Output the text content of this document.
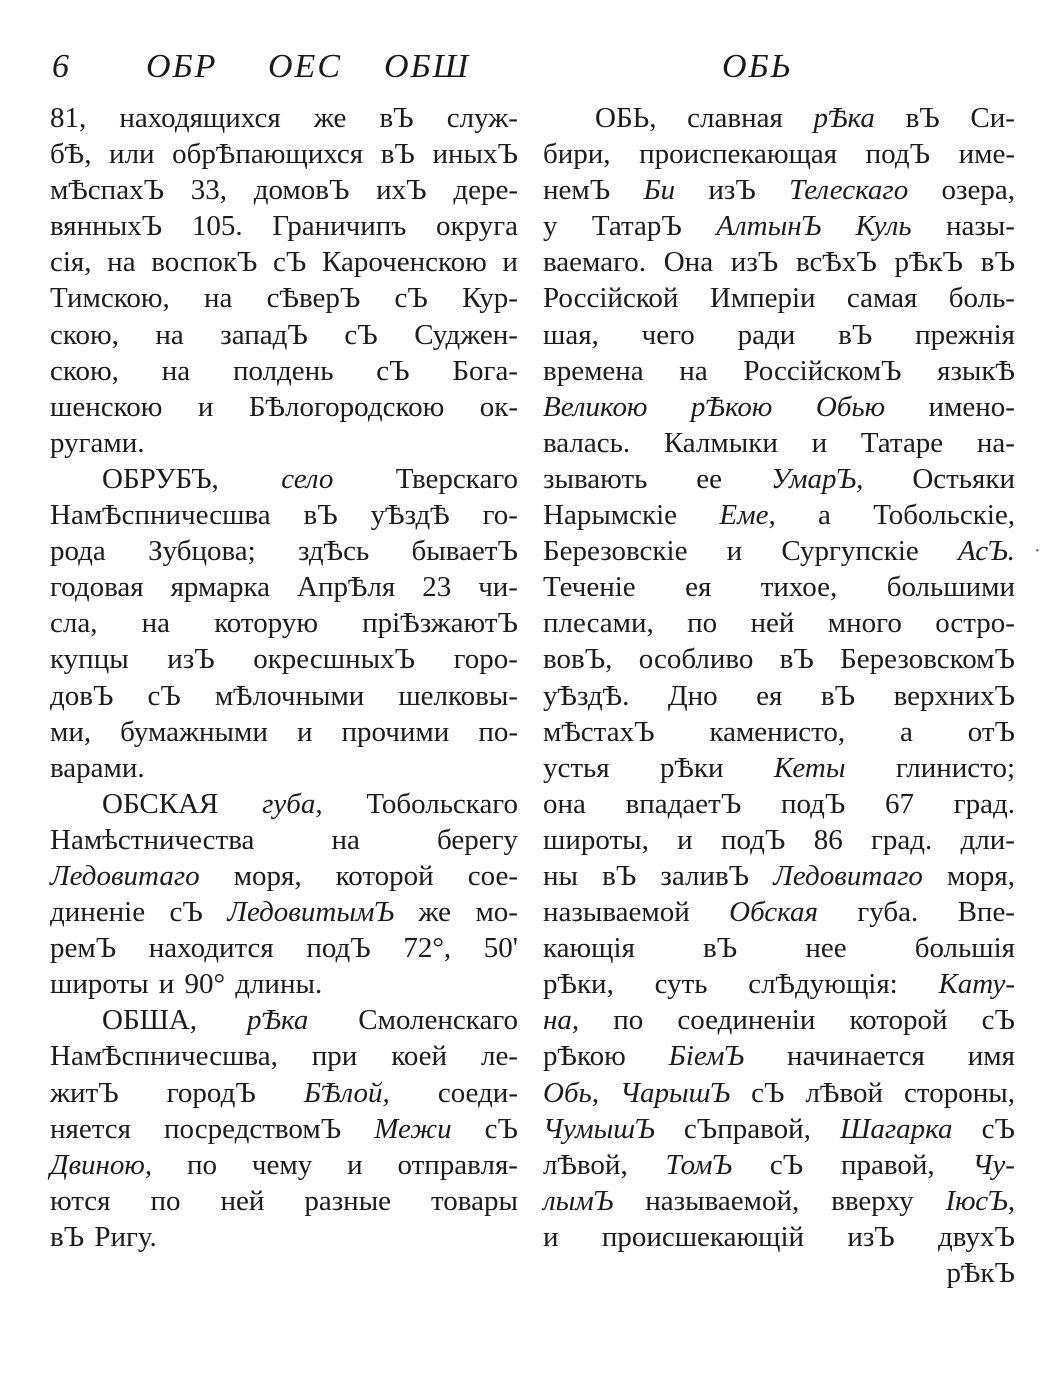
6 ОБР ОЕС ОБШ	ОБЬ
81, находящихся же вЪ служ-
бѢ, или обрѢпающихся вЪ иныхЪ
мѢспахЪ 33, домовЪ ихЪ дере-
вянныхЪ 105. Граничипъ округа
сія, на воспокЪ сЪ Кароченскою и
Тимскою, на сѢверЪ сЪ Кур-
скою, на западЪ сЪ Суджен-
скою, на полдень сЪ Бога-
шенскою и БѢлогородскою ок-
ругами.
ОБРУБЪ, село Тверскаго
НамѢспничесшва вЪ уѢздѢ го-
рода Зубцова; здѢсь бываетЪ
годовая ярмарка АпрѢля 23 чи-
сла, на которую прiѢзжаютЪ
купцы изЪ окресшныхЪ горо-
довЪ сЪ мѢлочными шелковы-
ми, бумажными и прочими по-
варами.
ОБСКАЯ губа, Тобольскаго
Намѣстничества	на	берегу
Ледовитаго моря, которой сое-
диненіе сЪ ЛедовитымЪ же мо-
ремЪ находится подЪ 72°, 50'
широты и 90° длины.
ОБША, рѢка Смоленскаго
НамѢспничесшва, при коей ле-
житЪ городЪ БѢлой, соеди-
няется посредствомЪ Межи сЪ
Двиною, по чему и отправля-
ются по ней разные товары
вЪ Ригу.
ОБЬ, славная рѢка вЪ Си-
бири, происпекающая подЪ име-
немЪ Би изЪ Телескаго озера,
у ТатарЪ АлтынЪ Куль назы-
ваемаго. Она изЪ всѢхЪ рѢкЪ вЪ
Россійской Имперіи самая боль-
шая, чего ради вЪ прежнія
времена на РоссійскомЪ языкѢ
Великою рѢкою Обью имено-
валась. Калмыки и Татаре на-
зывають ее УмарЪ, Остьяки
Нарымскіе Еме, а Тобольскіе,
Березовскіе и Сургупскіе АсЪ.
Теченіе ея тихое, большими
плесами, по ней много остро-
вовЪ, особливо вЪ БерезовскомЪ
уѢздѢ. Дно ея вЪ верхнихЪ
мѢстахЪ каменисто, а отЪ
устья рѢки Кеты глинисто;
она впадаетЪ подЪ 67 град.
широты, и подЪ 86 град. дли-
ны вЪ заливЪ Ледовитаго моря,
называемой Обская губа. Впе-
кающія вЪ нее большія
рѢки, суть слѢдующія: Кату-
на, по соединеніи которой сЪ
рѢкою БіемЪ начинается имя
Обь, ЧарышЪ сЪ лѢвой стороны,
ЧумышЪ сЪправой, Шагарка сЪ
лѢвой, ТомЪ сЪ правой, Чу-
лымЪ называемой, вверху ІюсЪ,
и происшекающій изЪ двухЪ
рѢкЪ
·
